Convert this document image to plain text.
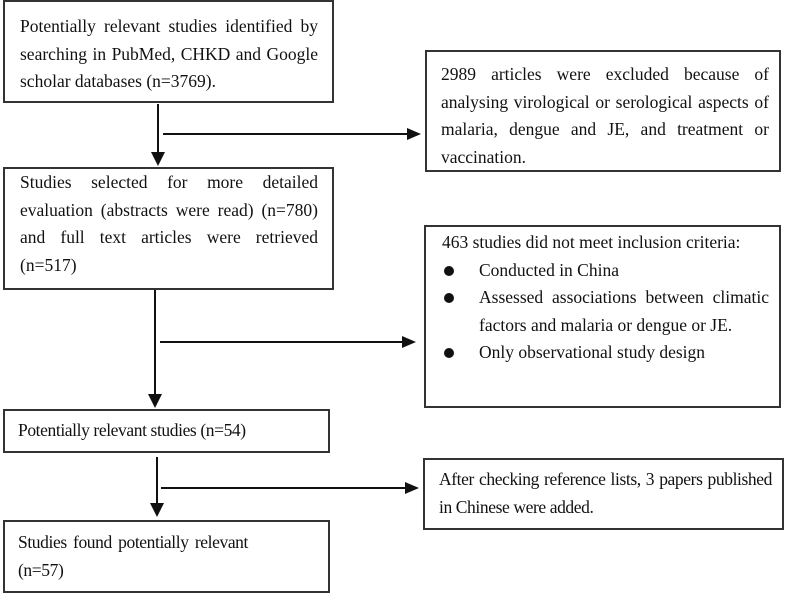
Potentially relevant studies identified by searching in PubMed, CHKD and Google scholar databases (n=3769).	2989 articles were excluded because of analysing virological or serological aspects of malaria, dengue and JE, and treatment or vaccination.
Studies selected for more detailed evaluation (abstracts were read) (n=780) and full text articles were retrieved (n=517)
463 studies did not meet inclusion criteria:
Conducted in China
Assessed associations between climatic factors and malaria or dengue or JE.
Only observational study design
Potentially relevant studies (n=54)
After checking reference lists, 3 papers published in Chinese were added.
Studies found potentially relevant (n=57)
